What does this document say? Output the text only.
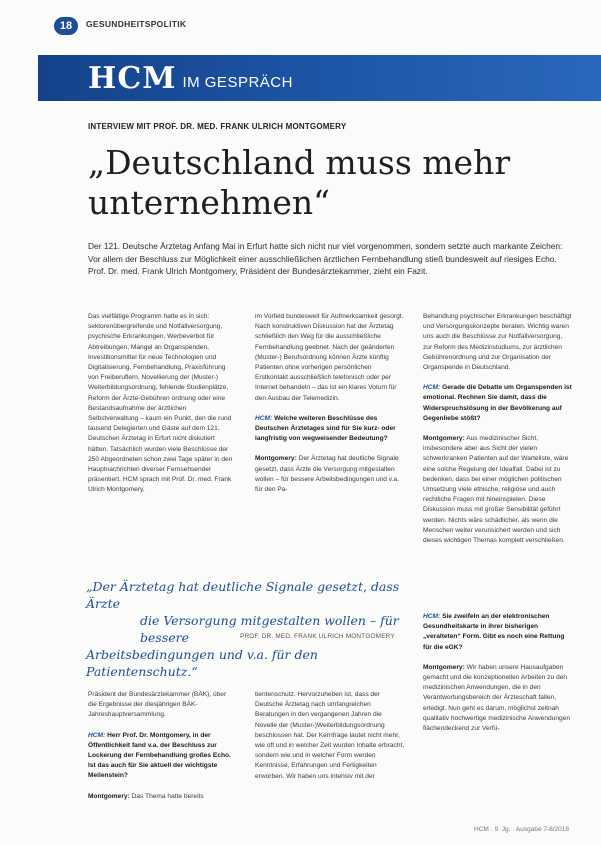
18	GESUNDHEITSPOLITIK
HCM IM GESPRÄCH
INTERVIEW MIT PROF. DR. MED. FRANK ULRICH MONTGOMERY
„Deutschland muss mehr unternehmen“
Der 121. Deutsche Ärztetag Anfang Mai in Erfurt hatte sich nicht nur viel vorgenommen, sondern setzte auch markante Zeichen: Vor allem der Beschluss zur Möglichkeit einer ausschließlichen ärztlichen Fernbehandlung stieß bundesweit auf riesiges Echo. Prof. Dr. med. Frank Ulrich Montgomery, Präsident der Bundesärztekammer, zieht ein Fazit.

Das vielfältige Programm hatte es in sich: sektorenübergreifende und Notfallversorgung, psychische Erkrankungen, Werbeverbot für Abtreibungen, Mangel an Organspenden, Investitionsmittel für neue Technologien und Digitalisierung, Fernbehandlung, Praxisführung von Freiberuflern, Novellierung der (Muster-) Weiterbildungsordnung, fehlende Studienplätze, Reform der Ärzte-Gebühren ordnung oder eine Bestandsaufnahme der ärztlichen Selbstverwaltung – kaum ein Punkt, den die rund tausend Delegierten und Gäste auf dem 121. Deutschen Ärztetag in Erfurt nicht diskutiert hätten. Tatsächlich wurden viele Beschlüsse der 250 Abgeordneten schon zwei Tage später in den Hauptnachrichten diverser Fernsehsender präsentiert. HCM sprach mit Prof. Dr. med. Frank Ulrich Montgomery,

im Vorfeld bundesweit für Aufmerksamkeit gesorgt. Nach konstruktiven Diskussion hat der Ärztetag schließlich den Weg für die ausschließliche Fernbehandlung geebnet. Nach der geänderten (Muster-) Berufsordnung können Ärzte künftig Patienten ohne vorherigen persönlichen Erstkontakt ausschließlich telefonisch oder per Internet behandeln – das ist ein klares Votum für den Ausbau der Telemedizin.

HCM: Welche weiteren Beschlüsse des Deutschen Ärztetages sind für Sie kurz- oder langfristig von wegweisender Bedeutung?

Montgomery: Der Ärztetag hat deutliche Signale gesetzt, dass Ärzte die Versorgung mitgestalten wollen – für bessere Arbeitsbedingungen und v.a. für den Pa-

Behandlung psychischer Erkrankungen beschäftigt und Versorgungskonzepte beraten. Wichtig waren uns auch die Beschlüsse zur Notfallversorgung, zur Reform des Medizinstudiums, zur ärztlichen Gebührenordnung und zur Organisation der Organspende in Deutschland.

HCM: Gerade die Debatte um Organspenden ist emotional. Rechnen Sie damit, dass die Widerspruchslösung in der Bevölkerung auf Gegenliebe stößt?

Montgomery: Aus medizinischer Sicht, insbesondere aber aus Sicht der vielen schwerkranken Patienten auf der Warteliste, wäre eine solche Regelung der Idealfall. Dabei ist zu bedenken, dass bei einer möglichen politischen Umsetzung viele ethische, religiöse und auch rechtliche Fragen mit hineinspielen. Diese Diskussion muss mit großer Sensibilität geführt werden. Nichts wäre schädlicher, als wenn die Menschen weiter verunsichert werden und sich dieses wichtigen Themas komplett verschließen.

HCM: Sie zweifeln an der elektronischen Gesundheitskarte in ihrer bisherigen „veralteten“ Form. Gibt es noch eine Rettung für die eGK?

Montgomery: Wir haben unsere Hausaufgaben gemacht und die konzeptionellen Arbeiten zu den medizinischen Anwendungen, die in den Verantwortungsbereich der Ärzteschaft fallen, erledigt. Nun geht es darum, möglichst zeitnah qualitativ hochwertige medizinische Anwendungen flächendeckend zur Verfü-

„Der Ärztetag hat deutliche Signale gesetzt, dass Ärzte
die Versorgung mitgestalten wollen – für bessere
Arbeitsbedingungen und v.a. für den Patientenschutz.“
PROF. DR. MED. FRANK ULRICH MONTGOMERY

Präsident der Bundesärztekammer (BÄK), über die Ergebnisse der diesjährigen BÄK-Jahreshauptversammlung.

HCM: Herr Prof. Dr. Montgomery, in der Öffentlichkeit fand v.a. der Beschluss zur Lockerung der Fernbehandlung großes Echo. Ist das auch für Sie aktuell der wichtigste Meilenstein?

Montgomery: Das Thema hatte bereits

tientenschutz. Hervorzuheben ist, dass der Deutsche Ärztetag nach umfangreichen Beratungen in den vergangenen Jahren die Novelle der (Muster-)Weiterbildungsordnung beschlossen hat. Der Kernfrage lautet nicht mehr, wie oft und in welcher Zeit wurden Inhalte erbracht, sondern wie und in welcher Form werden Kenntnisse, Erfahrungen und Fertigkeiten erworben. Wir haben uns intensiv mit der

HCM · 9. Jg. · Ausgabe 7-8/2018
